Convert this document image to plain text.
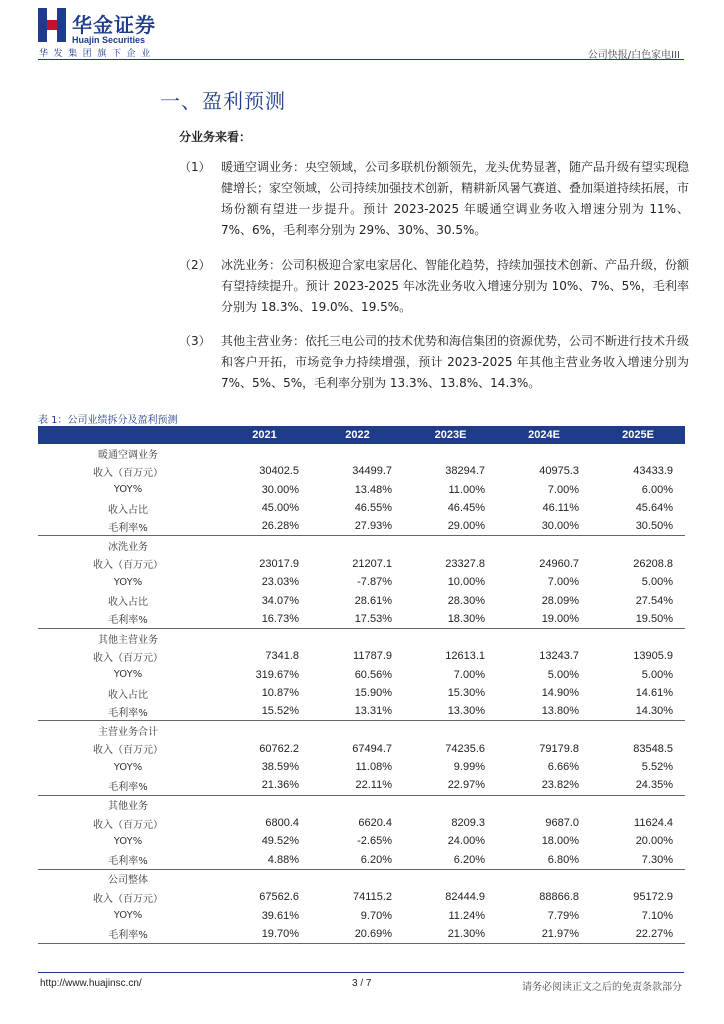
华金证券
Huajin Securities
华发集团旗下企业	公司快报/白色家电III
一、盈利预测
分业务来看：
（1） 暖通空调业务：央空领域，公司多联机份额领先，龙头优势显著，随产品升级有望实现稳健增长；家空领域，公司持续加强技术创新，精耕新风暑气赛道、叠加渠道持续拓展，市场份额有望进一步提升。预计 2023-2025 年暖通空调业务收入增速分别为 11%、7%、6%，毛利率分别为 29%、30%、30.5%。
（2） 冰洗业务：公司积极迎合家电家居化、智能化趋势，持续加强技术创新、产品升级，份额有望持续提升。预计 2023-2025 年冰洗业务收入增速分别为 10%、7%、5%，毛利率分别为 18.3%、19.0%、19.5%。
（3） 其他主营业务：依托三电公司的技术优势和海信集团的资源优势，公司不断进行技术升级和客户开拓，市场竞争力持续增强，预计 2023-2025 年其他主营业务收入增速分别为 7%、5%、5%，毛利率分别为 13.3%、13.8%、14.3%。
表 1：公司业绩拆分及盈利预测
	2021	2022	2023E	2024E	2025E
暖通空调业务					
收入（百万元）	30402.5	34499.7	38294.7	40975.3	43433.9
YOY%	30.00%	13.48%	11.00%	7.00%	6.00%
收入占比	45.00%	46.55%	46.45%	46.11%	45.64%
毛利率%	26.28%	27.93%	29.00%	30.00%	30.50%
冰洗业务					
收入（百万元）	23017.9	21207.1	23327.8	24960.7	26208.8
YOY%	23.03%	-7.87%	10.00%	7.00%	5.00%
收入占比	34.07%	28.61%	28.30%	28.09%	27.54%
毛利率%	16.73%	17.53%	18.30%	19.00%	19.50%
其他主营业务					
收入（百万元）	7341.8	11787.9	12613.1	13243.7	13905.9
YOY%	319.67%	60.56%	7.00%	5.00%	5.00%
收入占比	10.87%	15.90%	15.30%	14.90%	14.61%
毛利率%	15.52%	13.31%	13.30%	13.80%	14.30%
主营业务合计					
收入（百万元）	60762.2	67494.7	74235.6	79179.8	83548.5
YOY%	38.59%	11.08%	9.99%	6.66%	5.52%
毛利率%	21.36%	22.11%	22.97%	23.82%	24.35%
其他业务					
收入（百万元）	6800.4	6620.4	8209.3	9687.0	11624.4
YOY%	49.52%	-2.65%	24.00%	18.00%	20.00%
毛利率%	4.88%	6.20%	6.20%	6.80%	7.30%
公司整体					
收入（百万元）	67562.6	74115.2	82444.9	88866.8	95172.9
YOY%	39.61%	9.70%	11.24%	7.79%	7.10%
毛利率%	19.70%	20.69%	21.30%	21.97%	22.27%
http://www.huajinsc.cn/	3 / 7	请务必阅读正文之后的免责条款部分
